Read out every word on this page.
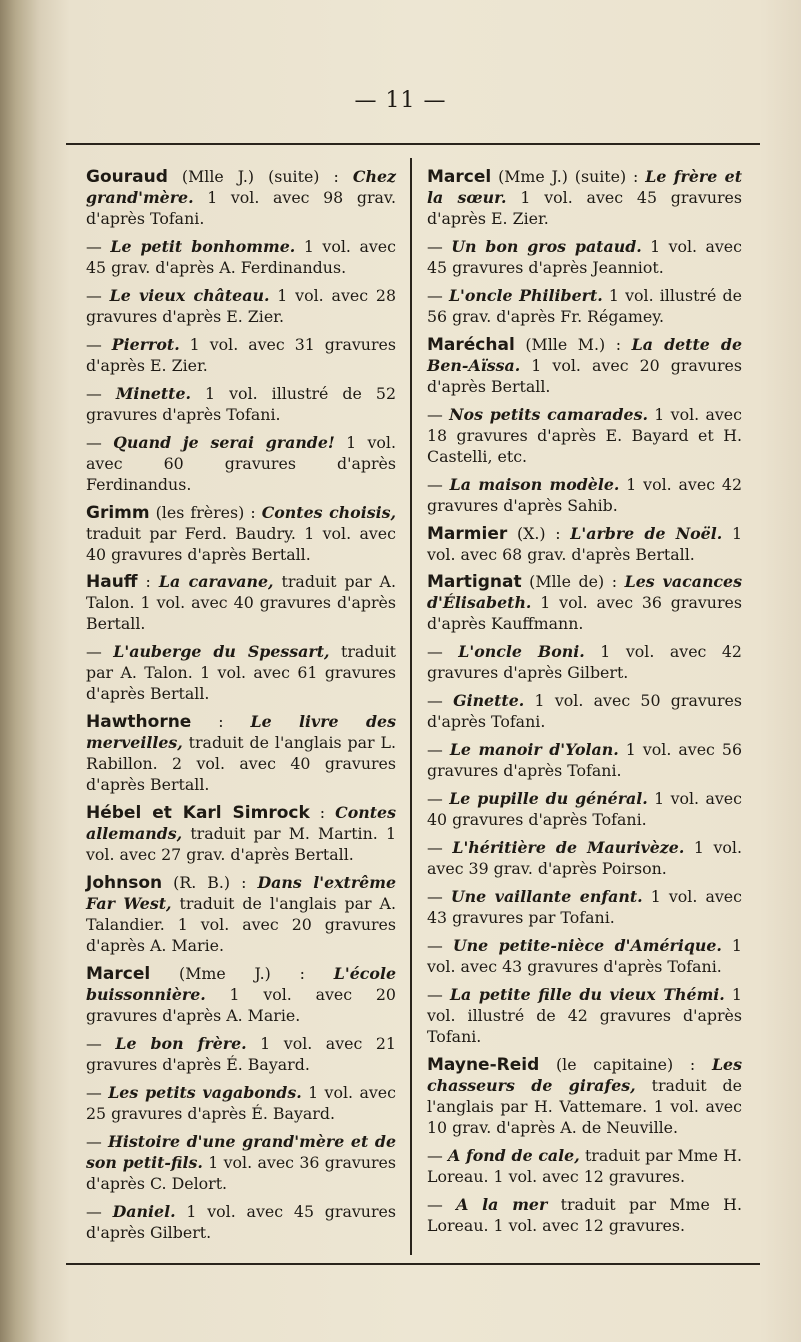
— 11 —

Gouraud (Mlle J.) (suite) : Chez grand'mère. 1 vol. avec 98 grav. d'après Tofani.

— Le petit bonhomme. 1 vol. avec 45 grav. d'après A. Ferdinandus.

— Le vieux château. 1 vol. avec 28 gravures d'après E. Zier.

— Pierrot. 1 vol. avec 31 gravures d'après E. Zier.

— Minette. 1 vol. illustré de 52 gravures d'après Tofani.

— Quand je serai grande! 1 vol. avec 60 gravures d'après Ferdinandus.

Grimm (les frères) : Contes choisis, traduit par Ferd. Baudry. 1 vol. avec 40 gravures d'après Bertall.

Hauff : La caravane, traduit par A. Talon. 1 vol. avec 40 gravures d'après Bertall.

— L'auberge du Spessart, traduit par A. Talon. 1 vol. avec 61 gravures d'après Bertall.

Hawthorne : Le livre des merveilles, traduit de l'anglais par L. Rabillon. 2 vol. avec 40 gravures d'après Bertall.

Hébel et Karl Simrock : Contes allemands, traduit par M. Martin. 1 vol. avec 27 grav. d'après Bertall.

Johnson (R. B.) : Dans l'extrême Far West, traduit de l'anglais par A. Talandier. 1 vol. avec 20 gravures d'après A. Marie.

Marcel (Mme J.) : L'école buissonnière. 1 vol. avec 20 gravures d'après A. Marie.

— Le bon frère. 1 vol. avec 21 gravures d'après É. Bayard.

— Les petits vagabonds. 1 vol. avec 25 gravures d'après É. Bayard.

— Histoire d'une grand'mère et de son petit-fils. 1 vol. avec 36 gravures d'après C. Delort.

— Daniel. 1 vol. avec 45 gravures d'après Gilbert.

Marcel (Mme J.) (suite) : Le frère et la sœur. 1 vol. avec 45 gravures d'après E. Zier.

— Un bon gros pataud. 1 vol. avec 45 gravures d'après Jeanniot.

— L'oncle Philibert. 1 vol. illustré de 56 grav. d'après Fr. Régamey.

Maréchal (Mlle M.) : La dette de Ben-Aïssa. 1 vol. avec 20 gravures d'après Bertall.

— Nos petits camarades. 1 vol. avec 18 gravures d'après E. Bayard et H. Castelli, etc.

— La maison modèle. 1 vol. avec 42 gravures d'après Sahib.

Marmier (X.) : L'arbre de Noël. 1 vol. avec 68 grav. d'après Bertall.

Martignat (Mlle de) : Les vacances d'Élisabeth. 1 vol. avec 36 gravures d'après Kauffmann.

— L'oncle Boni. 1 vol. avec 42 gravures d'après Gilbert.

— Ginette. 1 vol. avec 50 gravures d'après Tofani.

— Le manoir d'Yolan. 1 vol. avec 56 gravures d'après Tofani.

— Le pupille du général. 1 vol. avec 40 gravures d'après Tofani.

— L'héritière de Maurivèze. 1 vol. avec 39 grav. d'après Poirson.

— Une vaillante enfant. 1 vol. avec 43 gravures par Tofani.

— Une petite-nièce d'Amérique. 1 vol. avec 43 gravures d'après Tofani.

— La petite fille du vieux Thémi. 1 vol. illustré de 42 gravures d'après Tofani.

Mayne-Reid (le capitaine) : Les chasseurs de girafes, traduit de l'anglais par H. Vattemare. 1 vol. avec 10 grav. d'après A. de Neuville.

— A fond de cale, traduit par Mme H. Loreau. 1 vol. avec 12 gravures.

— A la mer traduit par Mme H. Loreau. 1 vol. avec 12 gravures.
